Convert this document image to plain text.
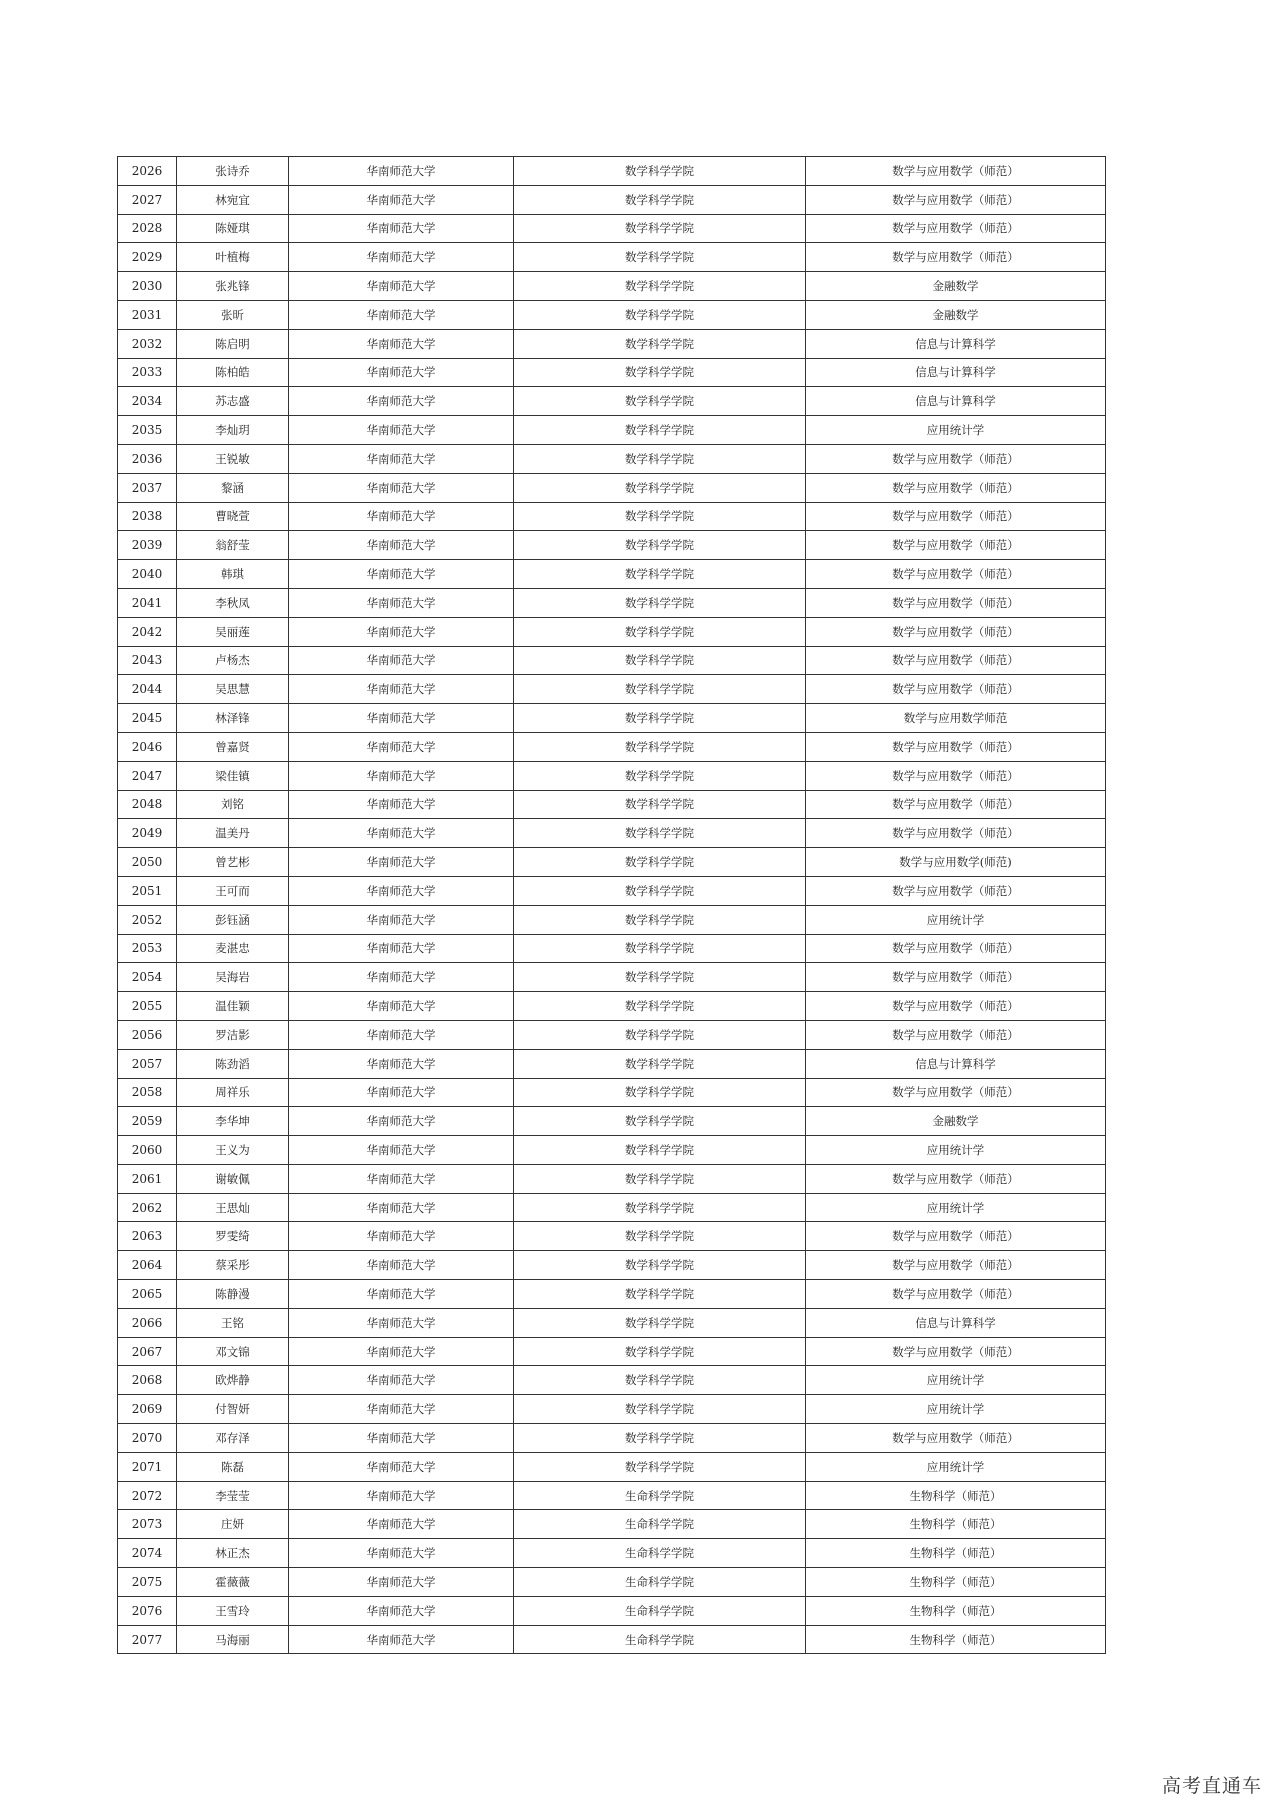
2026	张诗乔	华南师范大学	数学科学学院	数学与应用数学（师范）
2027	林宛宜	华南师范大学	数学科学学院	数学与应用数学（师范）
2028	陈娅琪	华南师范大学	数学科学学院	数学与应用数学（师范）
2029	叶植梅	华南师范大学	数学科学学院	数学与应用数学（师范）
2030	张兆锋	华南师范大学	数学科学学院	金融数学
2031	张昕	华南师范大学	数学科学学院	金融数学
2032	陈启明	华南师范大学	数学科学学院	信息与计算科学
2033	陈柏皓	华南师范大学	数学科学学院	信息与计算科学
2034	苏志盛	华南师范大学	数学科学学院	信息与计算科学
2035	李灿玥	华南师范大学	数学科学学院	应用统计学
2036	王锐敏	华南师范大学	数学科学学院	数学与应用数学（师范）
2037	黎涵	华南师范大学	数学科学学院	数学与应用数学（师范）
2038	曹晓萱	华南师范大学	数学科学学院	数学与应用数学（师范）
2039	翁舒莹	华南师范大学	数学科学学院	数学与应用数学（师范）
2040	韩琪	华南师范大学	数学科学学院	数学与应用数学（师范）
2041	李秋凤	华南师范大学	数学科学学院	数学与应用数学（师范）
2042	吴丽莲	华南师范大学	数学科学学院	数学与应用数学（师范）
2043	卢杨杰	华南师范大学	数学科学学院	数学与应用数学（师范）
2044	吴思慧	华南师范大学	数学科学学院	数学与应用数学（师范）
2045	林泽锋	华南师范大学	数学科学学院	数学与应用数学师范
2046	曾嘉贤	华南师范大学	数学科学学院	数学与应用数学（师范）
2047	梁佳镇	华南师范大学	数学科学学院	数学与应用数学（师范）
2048	刘铭	华南师范大学	数学科学学院	数学与应用数学（师范）
2049	温美丹	华南师范大学	数学科学学院	数学与应用数学（师范）
2050	曾艺彬	华南师范大学	数学科学学院	数学与应用数学(师范)
2051	王可而	华南师范大学	数学科学学院	数学与应用数学（师范）
2052	彭钰涵	华南师范大学	数学科学学院	应用统计学
2053	麦湛忠	华南师范大学	数学科学学院	数学与应用数学（师范）
2054	吴海岩	华南师范大学	数学科学学院	数学与应用数学（师范）
2055	温佳颖	华南师范大学	数学科学学院	数学与应用数学（师范）
2056	罗洁影	华南师范大学	数学科学学院	数学与应用数学（师范）
2057	陈劲滔	华南师范大学	数学科学学院	信息与计算科学
2058	周祥乐	华南师范大学	数学科学学院	数学与应用数学（师范）
2059	李华坤	华南师范大学	数学科学学院	金融数学
2060	王义为	华南师范大学	数学科学学院	应用统计学
2061	谢敏佩	华南师范大学	数学科学学院	数学与应用数学（师范）
2062	王思灿	华南师范大学	数学科学学院	应用统计学
2063	罗雯绮	华南师范大学	数学科学学院	数学与应用数学（师范）
2064	蔡采彤	华南师范大学	数学科学学院	数学与应用数学（师范）
2065	陈静漫	华南师范大学	数学科学学院	数学与应用数学（师范）
2066	王铭	华南师范大学	数学科学学院	信息与计算科学
2067	邓文锦	华南师范大学	数学科学学院	数学与应用数学（师范）
2068	欧烨静	华南师范大学	数学科学学院	应用统计学
2069	付智妍	华南师范大学	数学科学学院	应用统计学
2070	邓存泽	华南师范大学	数学科学学院	数学与应用数学（师范）
2071	陈磊	华南师范大学	数学科学学院	应用统计学
2072	李莹莹	华南师范大学	生命科学学院	生物科学（师范）
2073	庄妍	华南师范大学	生命科学学院	生物科学（师范）
2074	林正杰	华南师范大学	生命科学学院	生物科学（师范）
2075	霍薇薇	华南师范大学	生命科学学院	生物科学（师范）
2076	王雪玲	华南师范大学	生命科学学院	生物科学（师范）
2077	马海丽	华南师范大学	生命科学学院	生物科学（师范）
高考直通车
